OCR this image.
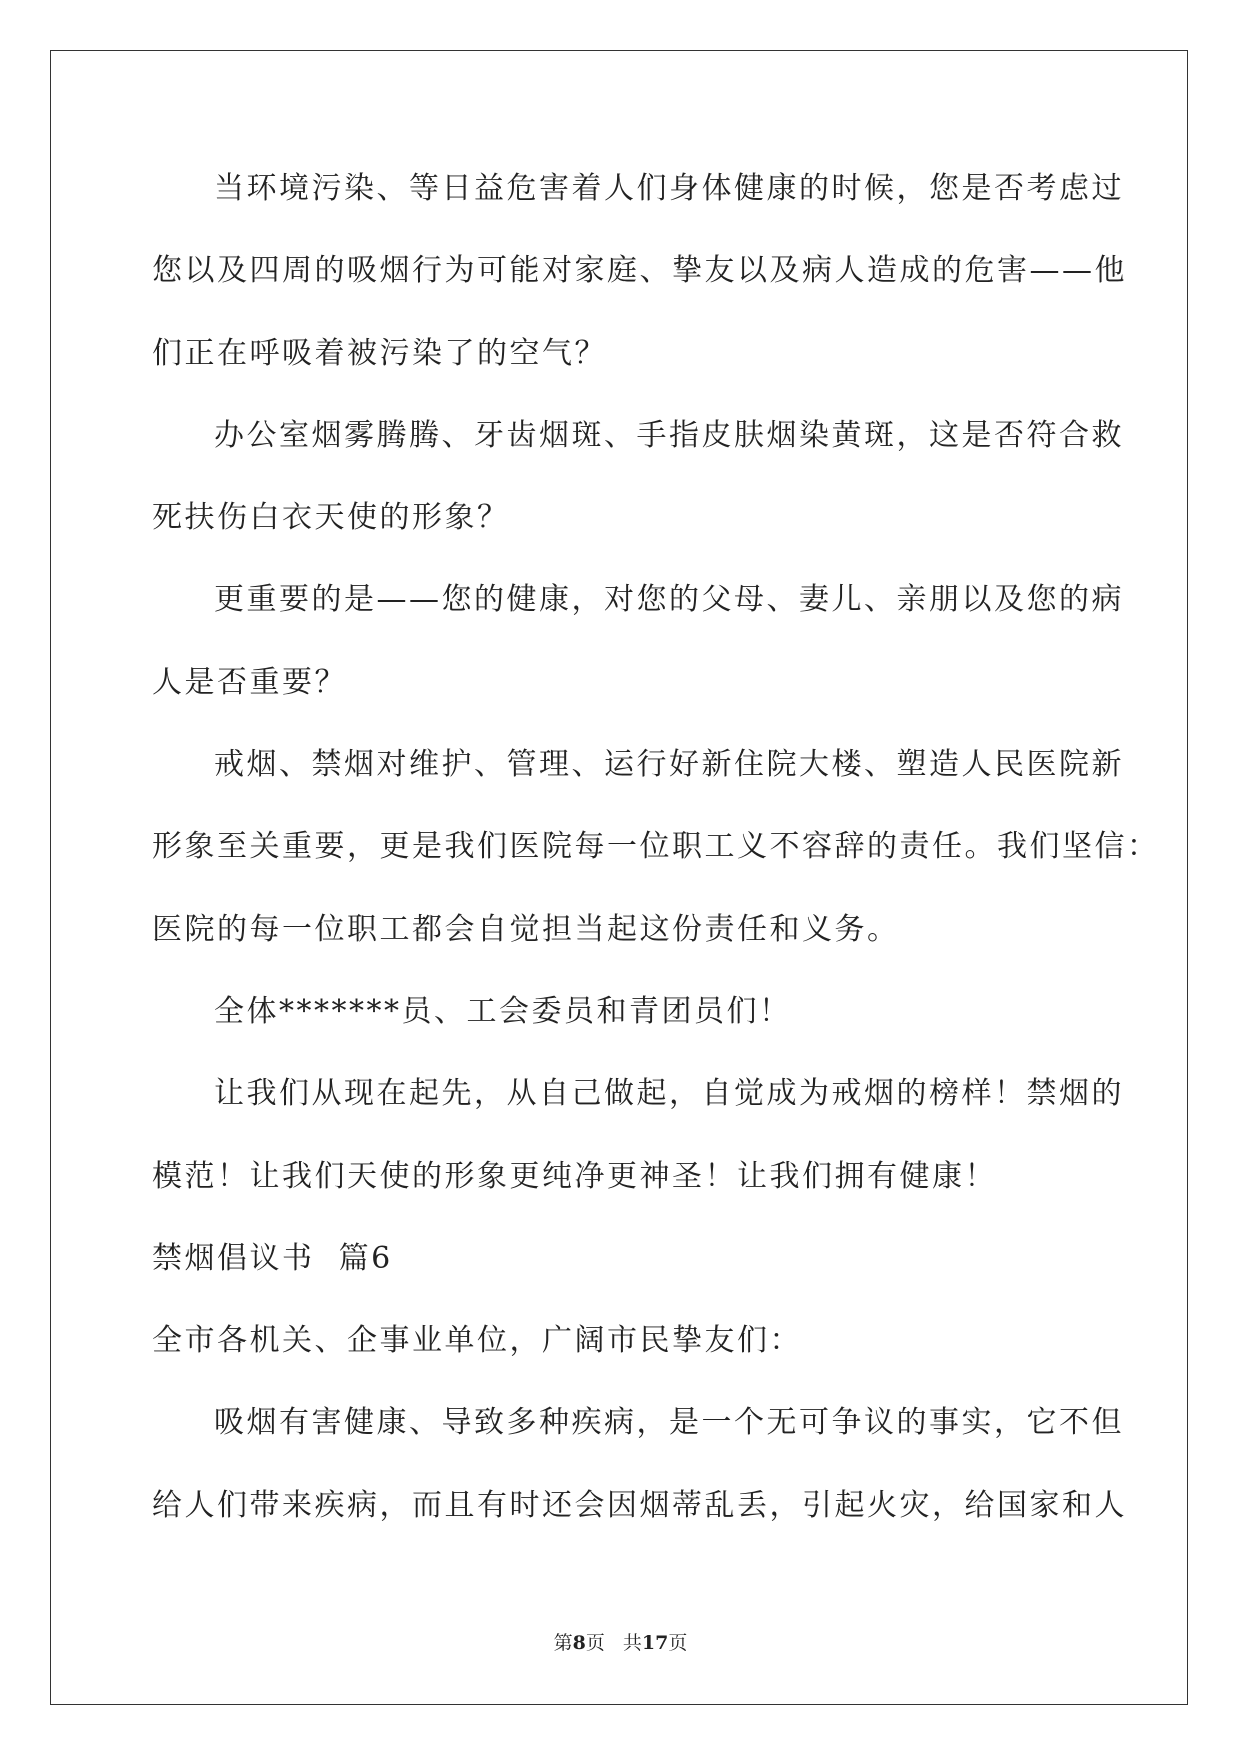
当环境污染、等日益危害着人们身体健康的时候，您是否考虑过
您以及四周的吸烟行为可能对家庭、挚友以及病人造成的危害——他
们正在呼吸着被污染了的空气？
办公室烟雾腾腾、牙齿烟斑、手指皮肤烟染黄斑，这是否符合救
死扶伤白衣天使的形象？
更重要的是——您的健康，对您的父母、妻儿、亲朋以及您的病
人是否重要？
戒烟、禁烟对维护、管理、运行好新住院大楼、塑造人民医院新
形象至关重要，更是我们医院每一位职工义不容辞的责任。我们坚信：
医院的每一位职工都会自觉担当起这份责任和义务。
全体*******员、工会委员和青团员们！
让我们从现在起先，从自己做起，自觉成为戒烟的榜样！禁烟的
模范！让我们天使的形象更纯净更神圣！让我们拥有健康！
禁烟倡议书  篇6
全市各机关、企事业单位，广阔市民挚友们：
吸烟有害健康、导致多种疾病，是一个无可争议的事实，它不但
给人们带来疾病，而且有时还会因烟蒂乱丢，引起火灾，给国家和人
第8页 共17页
